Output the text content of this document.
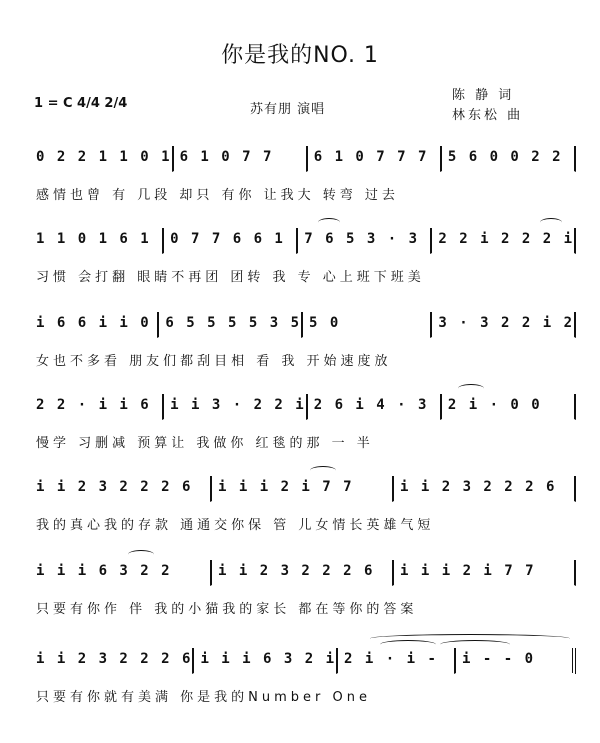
你是我的NO. 1
1 = C 4/4 2/4	苏有朋 演唱
陈 静 词
林东松 曲
0 2 2 1 1 0 1 6 1 0 7 7	6 1 0 7 7 7	5 6 0 0 2 2
感情也曾 有 几段 却只 有你 让我大 转弯 过去
1 1 0 1 6 1	0 7 7 6 6 1	7 6 5 3 · 3	2 2 i 2 2 2 i
习惯 会打翻 眼睛不再团 团转 我 专 心上班下班美
i 6 6 i i 0	6 5 5 5 5 3 5 5 0	3 · 3 2 2 i 2
女也不多看 朋友们都刮目相 看 我 开始速度放
2 2 · i i 6	i i 3 · 2 2 i 2 6 i 4 · 3	2 i · 0 0
慢学 习删减 预算让 我做你 红毯的那 一 半
i i 2 3 2 2 2 6	i i i 2 i 7 7	i i 2 3 2 2 2 6
我的真心我的存款 通通交你保 管 儿女情长英雄气短
i i i 6 3 2 2	i i 2 3 2 2 2 6	i i i 2 i 7 7
只要有你作 伴 我的小猫我的家长 都在等你的答案
i i 2 3 2 2 2 6 i i i 6 3 2 i 2 i · i -	i - - 0
只要有你就有美满 你是我的Number One
